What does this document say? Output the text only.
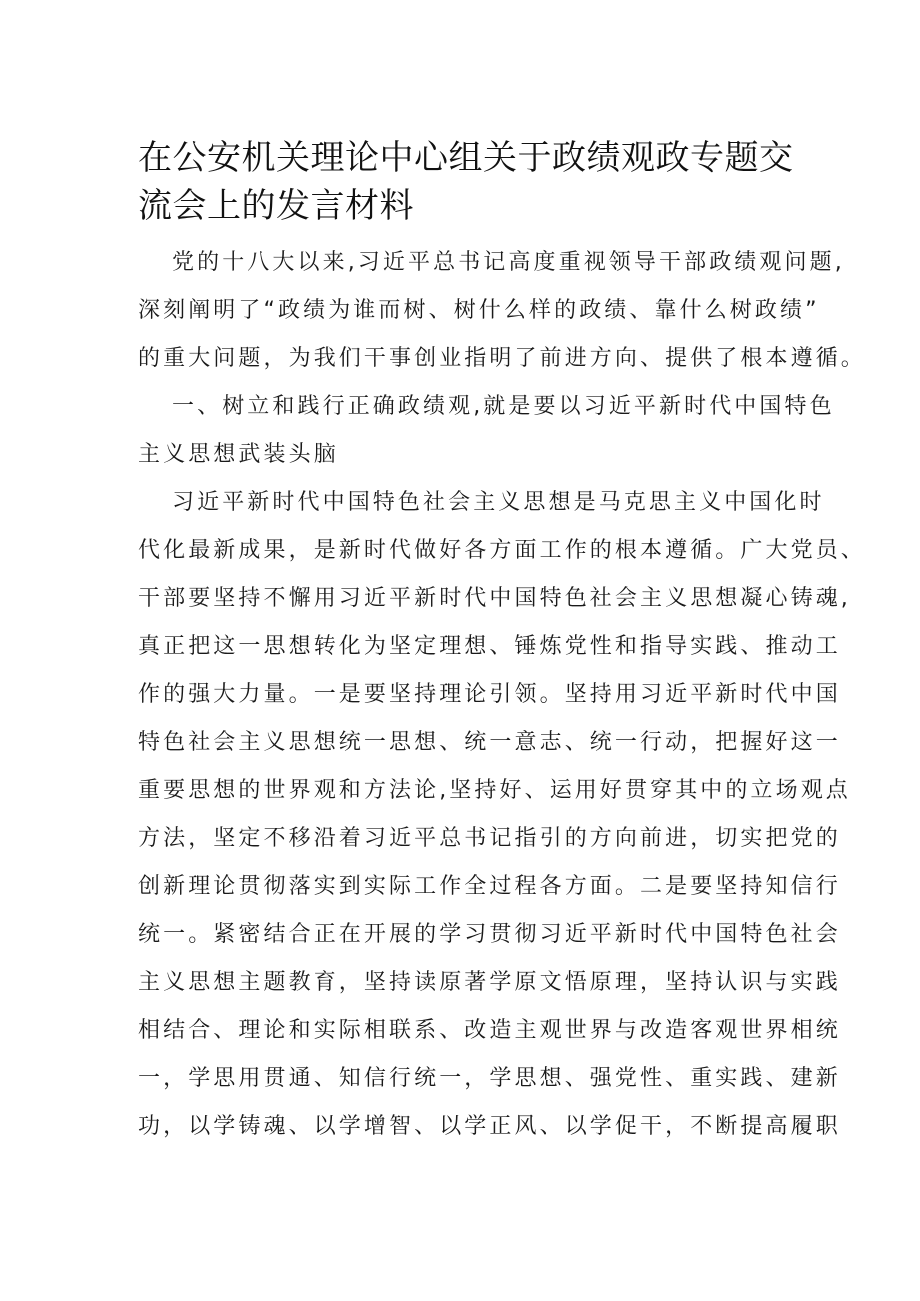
在公安机关理论中心组关于政绩观政专题交
流会上的发言材料
党的十八大以来,习近平总书记高度重视领导干部政绩观问题,
深刻阐明了“政绩为谁而树、树什么样的政绩、靠什么树政绩”
的重大问题，为我们干事创业指明了前进方向、提供了根本遵循。
一、树立和践行正确政绩观,就是要以习近平新时代中国特色
主义思想武装头脑
习近平新时代中国特色社会主义思想是马克思主义中国化时
代化最新成果，是新时代做好各方面工作的根本遵循。广大党员、
干部要坚持不懈用习近平新时代中国特色社会主义思想凝心铸魂,
真正把这一思想转化为坚定理想、锤炼党性和指导实践、推动工
作的强大力量。一是要坚持理论引领。坚持用习近平新时代中国
特色社会主义思想统一思想、统一意志、统一行动，把握好这一
重要思想的世界观和方法论,坚持好、运用好贯穿其中的立场观点
方法，坚定不移沿着习近平总书记指引的方向前进，切实把党的
创新理论贯彻落实到实际工作全过程各方面。二是要坚持知信行
统一。紧密结合正在开展的学习贯彻习近平新时代中国特色社会
主义思想主题教育，坚持读原著学原文悟原理，坚持认识与实践
相结合、理论和实际相联系、改造主观世界与改造客观世界相统
一，学思用贯通、知信行统一，学思想、强党性、重实践、建新
功，以学铸魂、以学增智、以学正风、以学促干，不断提高履职
